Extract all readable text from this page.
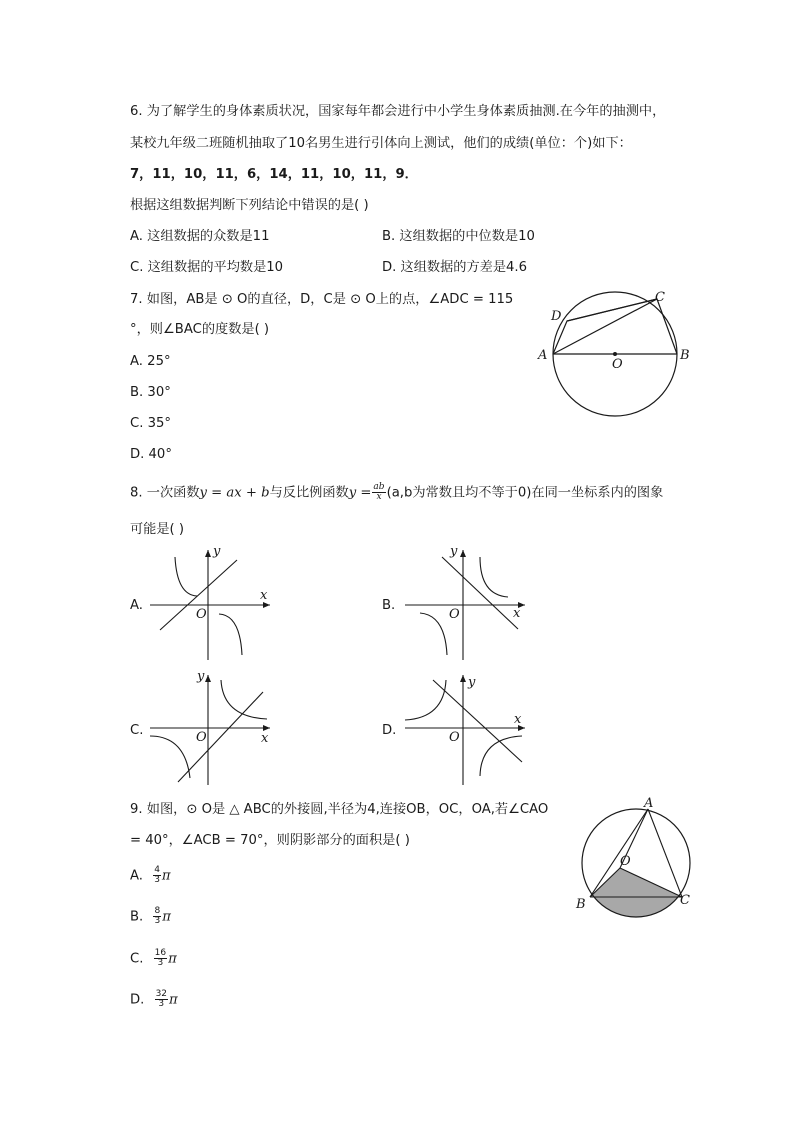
6. 为了解学生的身体素质状况，国家每年都会进行中小学生身体素质抽测.在今年的抽测中，
某校九年级二班随机抽取了10名男生进行引体向上测试，他们的成绩(单位：个)如下：
7，11，10，11，6，14，11，10，11，9．
根据这组数据判断下列结论中错误的是( )
A. 这组数据的众数是11	B. 这组数据的中位数是10
C. 这组数据的平均数是10	D. 这组数据的方差是4.6
7. 如图，AB是 ⊙ O的直径，D，C是 ⊙ O上的点，∠ADC = 115
°，则∠BAC的度数是( )
A. 25°
B. 30°
C. 35°
D. 40°
A	B
C
D
O
8. 一次函数y = ax + b与反比例函数$y = \frac{ab}{x} (a,b$为常数且均不等于0)在同一坐标系内的图象
可能是( )
A.	B.
C.	D.
y
x
O
y
x
O
y
x
O
y
x
O
9. 如图，⊙ O是 △ ABC的外接圆,半径为4,连接OB，OC，OA,若∠CAO
= 40°，∠ACB = 70°，则阴影部分的面积是( )
A. $\frac{4}{3}$ π
B. $\frac{8}{3}$ π
C. $\frac{16}{3}$ π
D. $\frac{32}{3}$ π
A
B	C
O
